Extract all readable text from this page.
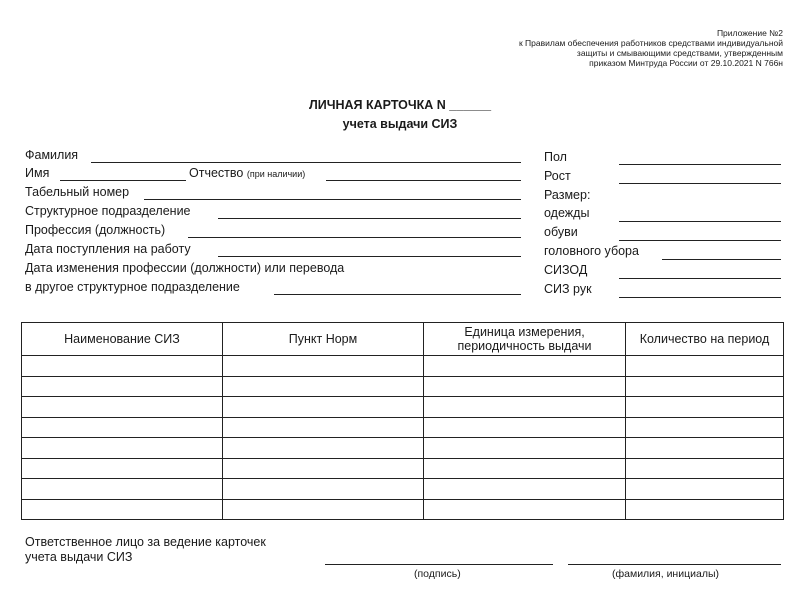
Приложение №2
к Правилам обеспечения работников средствами индивидуальной
защиты и смывающими средствами, утвержденным
приказом Минтруда России от 29.10.2021 N 766н
ЛИЧНАЯ КАРТОЧКА N ______
учета выдачи СИЗ
Фамилия
Имя	Отчество (при наличии)
Табельный номер
Структурное подразделение
Профессия (должность)
Дата поступления на работу
Дата изменения профессии (должности) или перевода
в другое структурное подразделение
Пол
Рост
Размер:
одежды
обуви
головного убора
СИЗОД
СИЗ рук
Наименование СИЗ	Пункт Норм	Единица измерения, периодичность выдачи	Количество на период

Ответственное лицо за ведение карточек
учета выдачи СИЗ
(подпись)	(фамилия, инициалы)
